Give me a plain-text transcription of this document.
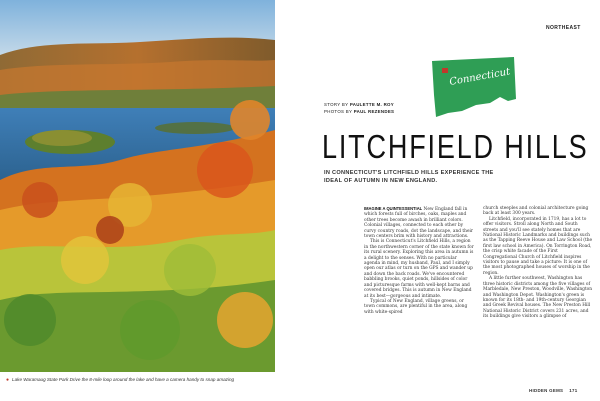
● Lake Waramaug State Park Drive the 8-mile loop around the lake and have a camera handy to snap amazing
NORTHEAST
Connecticut
STORY BY PAULETTE M. ROY
PHOTOS BY PAUL REZENDES
LITCHFIELD HILLS
IN CONNECTICUT'S LITCHFIELD HILLS EXPERIENCE THE IDEAL OF AUTUMN IN NEW ENGLAND.

IMAGINE A QUINTESSENTIAL New England fall in which forests full of birches, oaks, maples and other trees become awash in brilliant colors. Colonial villages, connected to each other by curvy country roads, dot the landscape, and their town centers brim with history and attractions.

This is Connecticut's Litchfield Hills, a region in the northwestern corner of the state known for its rural scenery. Exploring this area in autumn is a delight to the senses. With no particular agenda in mind, my husband, Paul, and I simply open our atlas or turn on the GPS and wander up and down the back roads. We've encountered babbling brooks, quiet ponds, hillsides of color and picturesque farms with well-kept barns and covered bridges. This is autumn in New England at its best—gorgeous and intimate.

Typical of New England, village greens, or town commons, are plentiful in the area, along with white-spired

church steeples and colonial architecture going back at least 300 years.

Litchfield, incorporated in 1719, has a lot to offer visitors. Stroll along North and South streets and you'll see stately homes that are National Historic Landmarks and buildings such as the Tapping Reeve House and Law School (the first law school in America). On Torrington Road, the crisp white facade of the First Congregational Church of Litchfield inspires visitors to pause and take a picture: It is one of the most photographed houses of worship in the region.

A little further southwest, Washington has three historic districts among the five villages of Marbledale, New Preston, Woodville, Washington and Washington Depot. Washington's green is known for its 18th- and 19th-century Georgian and Greek Revival houses. The New Preston Hill National Historic District covers 231 acres, and its buildings give visitors a glimpse of

HIDDEN GEMS 171
